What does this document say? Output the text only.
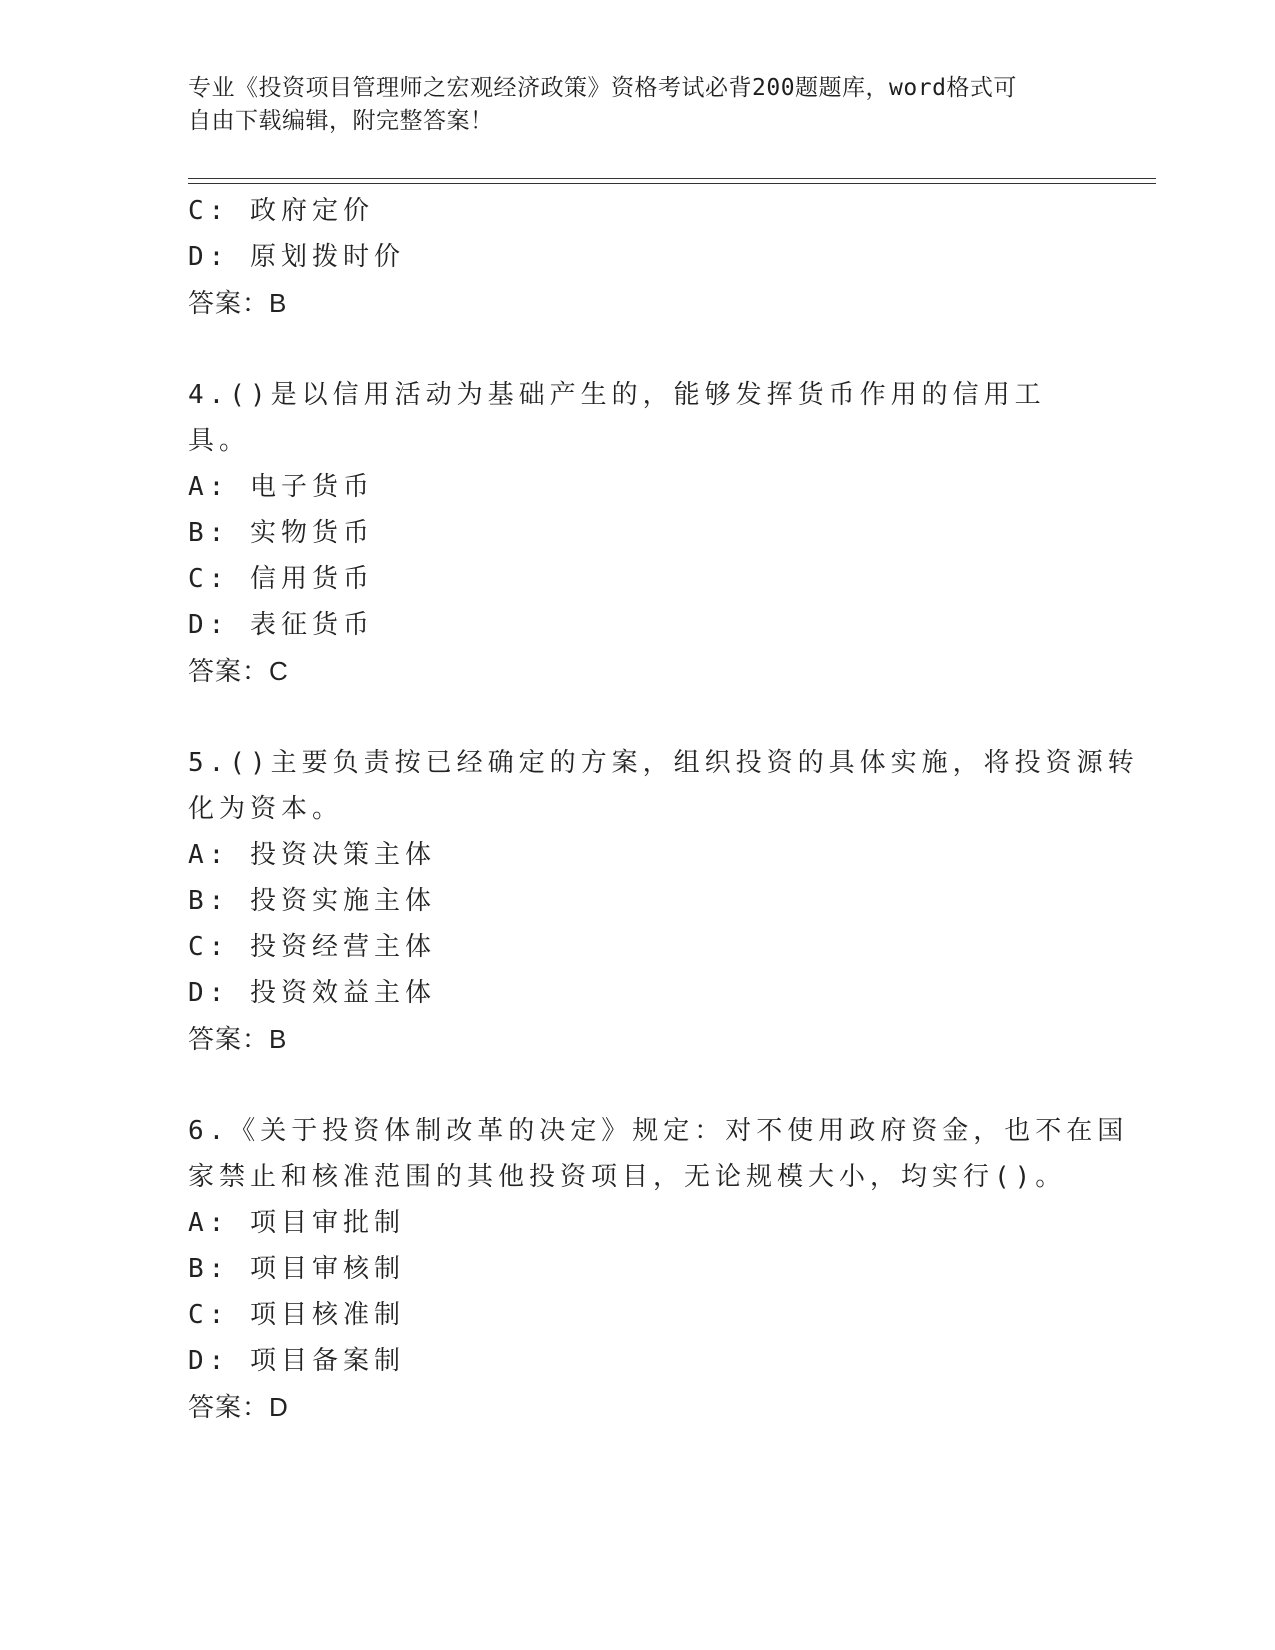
专业《投资项目管理师之宏观经济政策》资格考试必背200题题库，word格式可
自由下载编辑，附完整答案！
C: 政府定价
D: 原划拨时价
答案：B
4.()是以信用活动为基础产生的，能够发挥货币作用的信用工具。
A: 电子货币
B: 实物货币
C: 信用货币
D: 表征货币
答案：C
5.()主要负责按已经确定的方案，组织投资的具体实施，将投资源转
化为资本。
A: 投资决策主体
B: 投资实施主体
C: 投资经营主体
D: 投资效益主体
答案：B
6.《关于投资体制改革的决定》规定：对不使用政府资金，也不在国
家禁止和核准范围的其他投资项目，无论规模大小，均实行()。
A: 项目审批制
B: 项目审核制
C: 项目核准制
D: 项目备案制
答案：D
